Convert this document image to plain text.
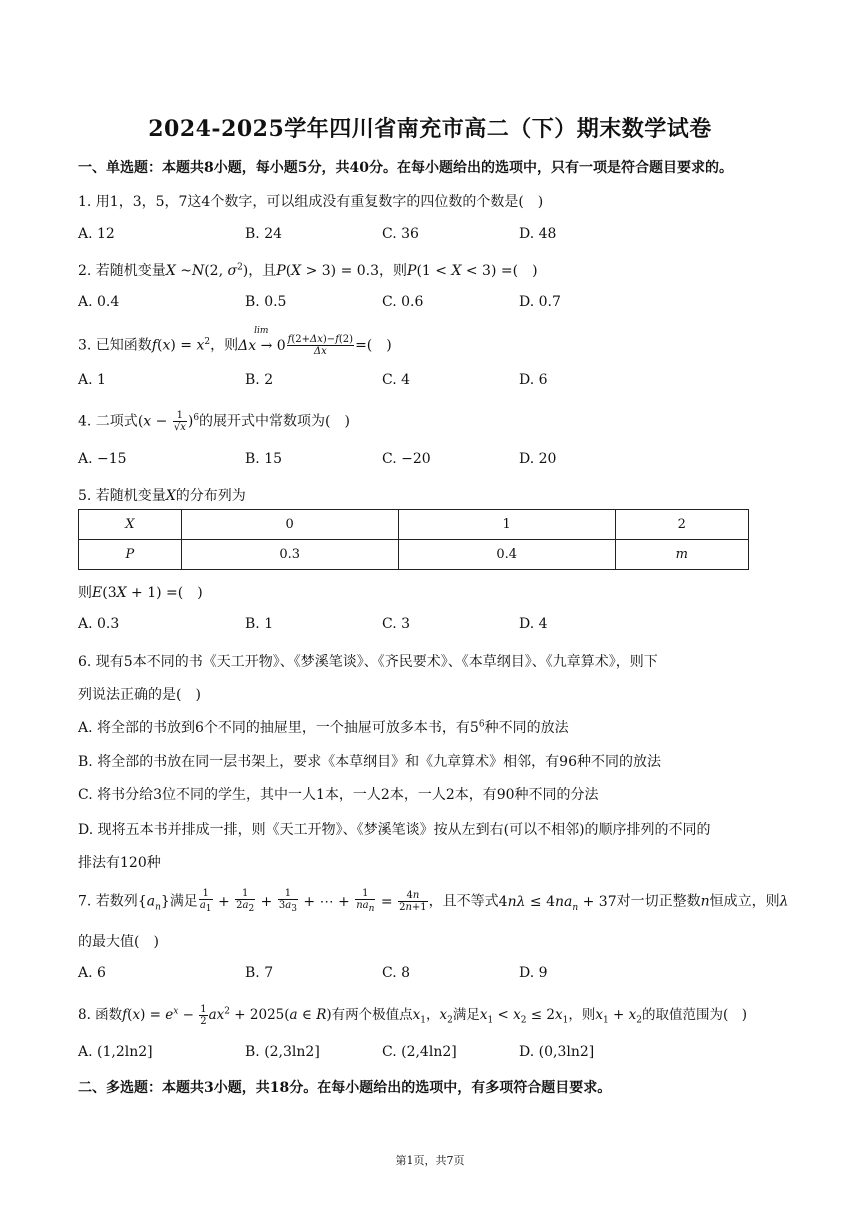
2024-2025学年四川省南充市高二（下）期末数学试卷
一、单选题：本题共8小题，每小题5分，共40分。在每小题给出的选项中，只有一项是符合题目要求的。
1. 用1，3，5，7这4个数字，可以组成没有重复数字的四位数的个数是(　)
A. 12	B. 24	C. 36	D. 48
2. 若随机变量X ~N(2, $\sigma^2$)，且P(X > 3) = 0.3，则P(1 < X < 3) =(　)
A. 0.4	B. 0.5	C. 0.6	D. 0.7
3. 已知函数$f(x) = x^2$，则
lim
$\Delta x \to 0 \frac{f(2+\Delta x)-f(2)}{\Delta x}$ =(　)
A. 1	B. 2	C. 4	D. 6
4. 二项式$(x - \frac{1}{√x} )^6$的展开式中常数项为(　)
A. −15	B. 15	C. −20	D. 20
5. 若随机变量X的分布列为
X	0	1	2
P	0.3	0.4	m
则E(3X + 1) =(　)
A. 0.3	B. 1	C. 3	D. 4
6. 现有5本不同的书《天工开物》、《梦溪笔谈》、《齐民要术》、《本草纲目》、《九章算术》，则下
列说法正确的是(　)
A. 将全部的书放到6个不同的抽屉里，一个抽屉可放多本书，有$5^6$种不同的放法
B. 将全部的书放在同一层书架上，要求《本草纲目》和《九章算术》相邻，有96种不同的放法
C. 将书分给3位不同的学生，其中一人1本，一人2本，一人2本，有90种不同的分法
D. 现将五本书并排成一排，则《天工开物》、《梦溪笔谈》按从左到右(可以不相邻)的顺序排列的不同的
排法有120种
7. 若数列$\{a_n\}$满足 $\frac{1}{a_1} + \frac{1}{2a_2} + \frac{1}{3a_3}$ + ⋯ + $\frac{1}{na_n} = \frac{4n}{2n+1}$ ，且不等式$4n\lambda \le 4na_n + 37$对一切正整数n恒成立，则λ
的最大值(　)
A. 6	B. 7	C. 8	D. 9
8. 函数$f(x) = e^x - \frac{1}{2} ax^2 + 2025(a$ ∈ R)有两个极值点$x_1$，$x_2$满足$x_1 < x_2 \le 2x_1$，则$x_1 + x_2$的取值范围为(　)
A. (1,2ln2]	B. (2,3ln2]	C. (2,4ln2]	D. (0,3ln2]
二、多选题：本题共3小题，共18分。在每小题给出的选项中，有多项符合题目要求。
第1页，共7页
